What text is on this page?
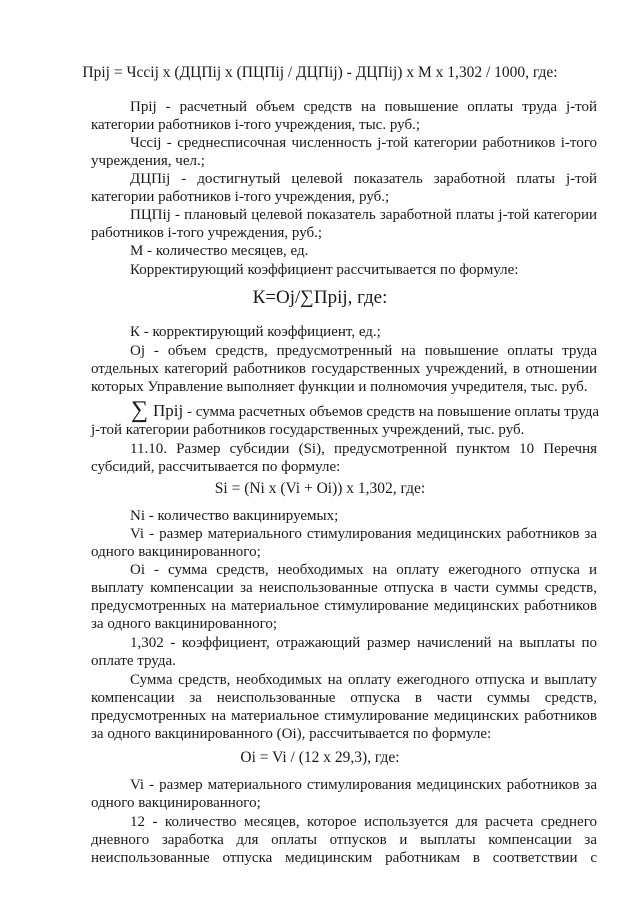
Прij = Чссij х (ДЦПij х (ПЦПij / ДЦПij) - ДЦПij) х М х 1,302 / 1000, где:
Прij - расчетный объем средств на повышение оплаты труда j-той
категории работников i-того учреждения, тыс. руб.;
Чссij - среднесписочная численность j-той категории работников i-того
учреждения, чел.;
ДЦПij - достигнутый целевой показатель заработной платы j-той
категории работников i-того учреждения, руб.;
ПЦПij - плановый целевой показатель заработной платы j-той категории
работников i-того учреждения, руб.;
М - количество месяцев, ед.
Корректирующий коэффициент рассчитывается по формуле:
К=Оj/∑Прij, где:
К - корректирующий коэффициент, ед.;
Оj - объем средств, предусмотренный на повышение оплаты труда
отдельных категорий работников государственных учреждений, в отношении
которых Управление выполняет функции и полномочия учредителя, тыс. руб.
∑ Прij - сумма расчетных объемов средств на повышение оплаты труда
j-той категории работников государственных учреждений, тыс. руб.
11.10. Размер субсидии (Si), предусмотренной пунктом 10 Перечня
субсидий, рассчитывается по формуле:
Si = (Ni х (Vi + Oi)) х 1,302, где:
Ni - количество вакцинируемых;
Vi - размер материального стимулирования медицинских работников за
одного вакцинированного;
Оi - сумма средств, необходимых на оплату ежегодного отпуска и
выплату компенсации за неиспользованные отпуска в части суммы средств,
предусмотренных на материальное стимулирование медицинских работников
за одного вакцинированного;
1,302 - коэффициент, отражающий размер начислений на выплаты по
оплате труда.
Сумма средств, необходимых на оплату ежегодного отпуска и выплату
компенсации за неиспользованные отпуска в части суммы средств,
предусмотренных на материальное стимулирование медицинских работников
за одного вакцинированного (Оi), рассчитывается по формуле:
Оi = Vi / (12 х 29,3), где:
Vi - размер материального стимулирования медицинских работников за
одного вакцинированного;
12 - количество месяцев, которое используется для расчета среднего
дневного заработка для оплаты отпусков и выплаты компенсации за
неиспользованные отпуска медицинским работникам в соответствии с
